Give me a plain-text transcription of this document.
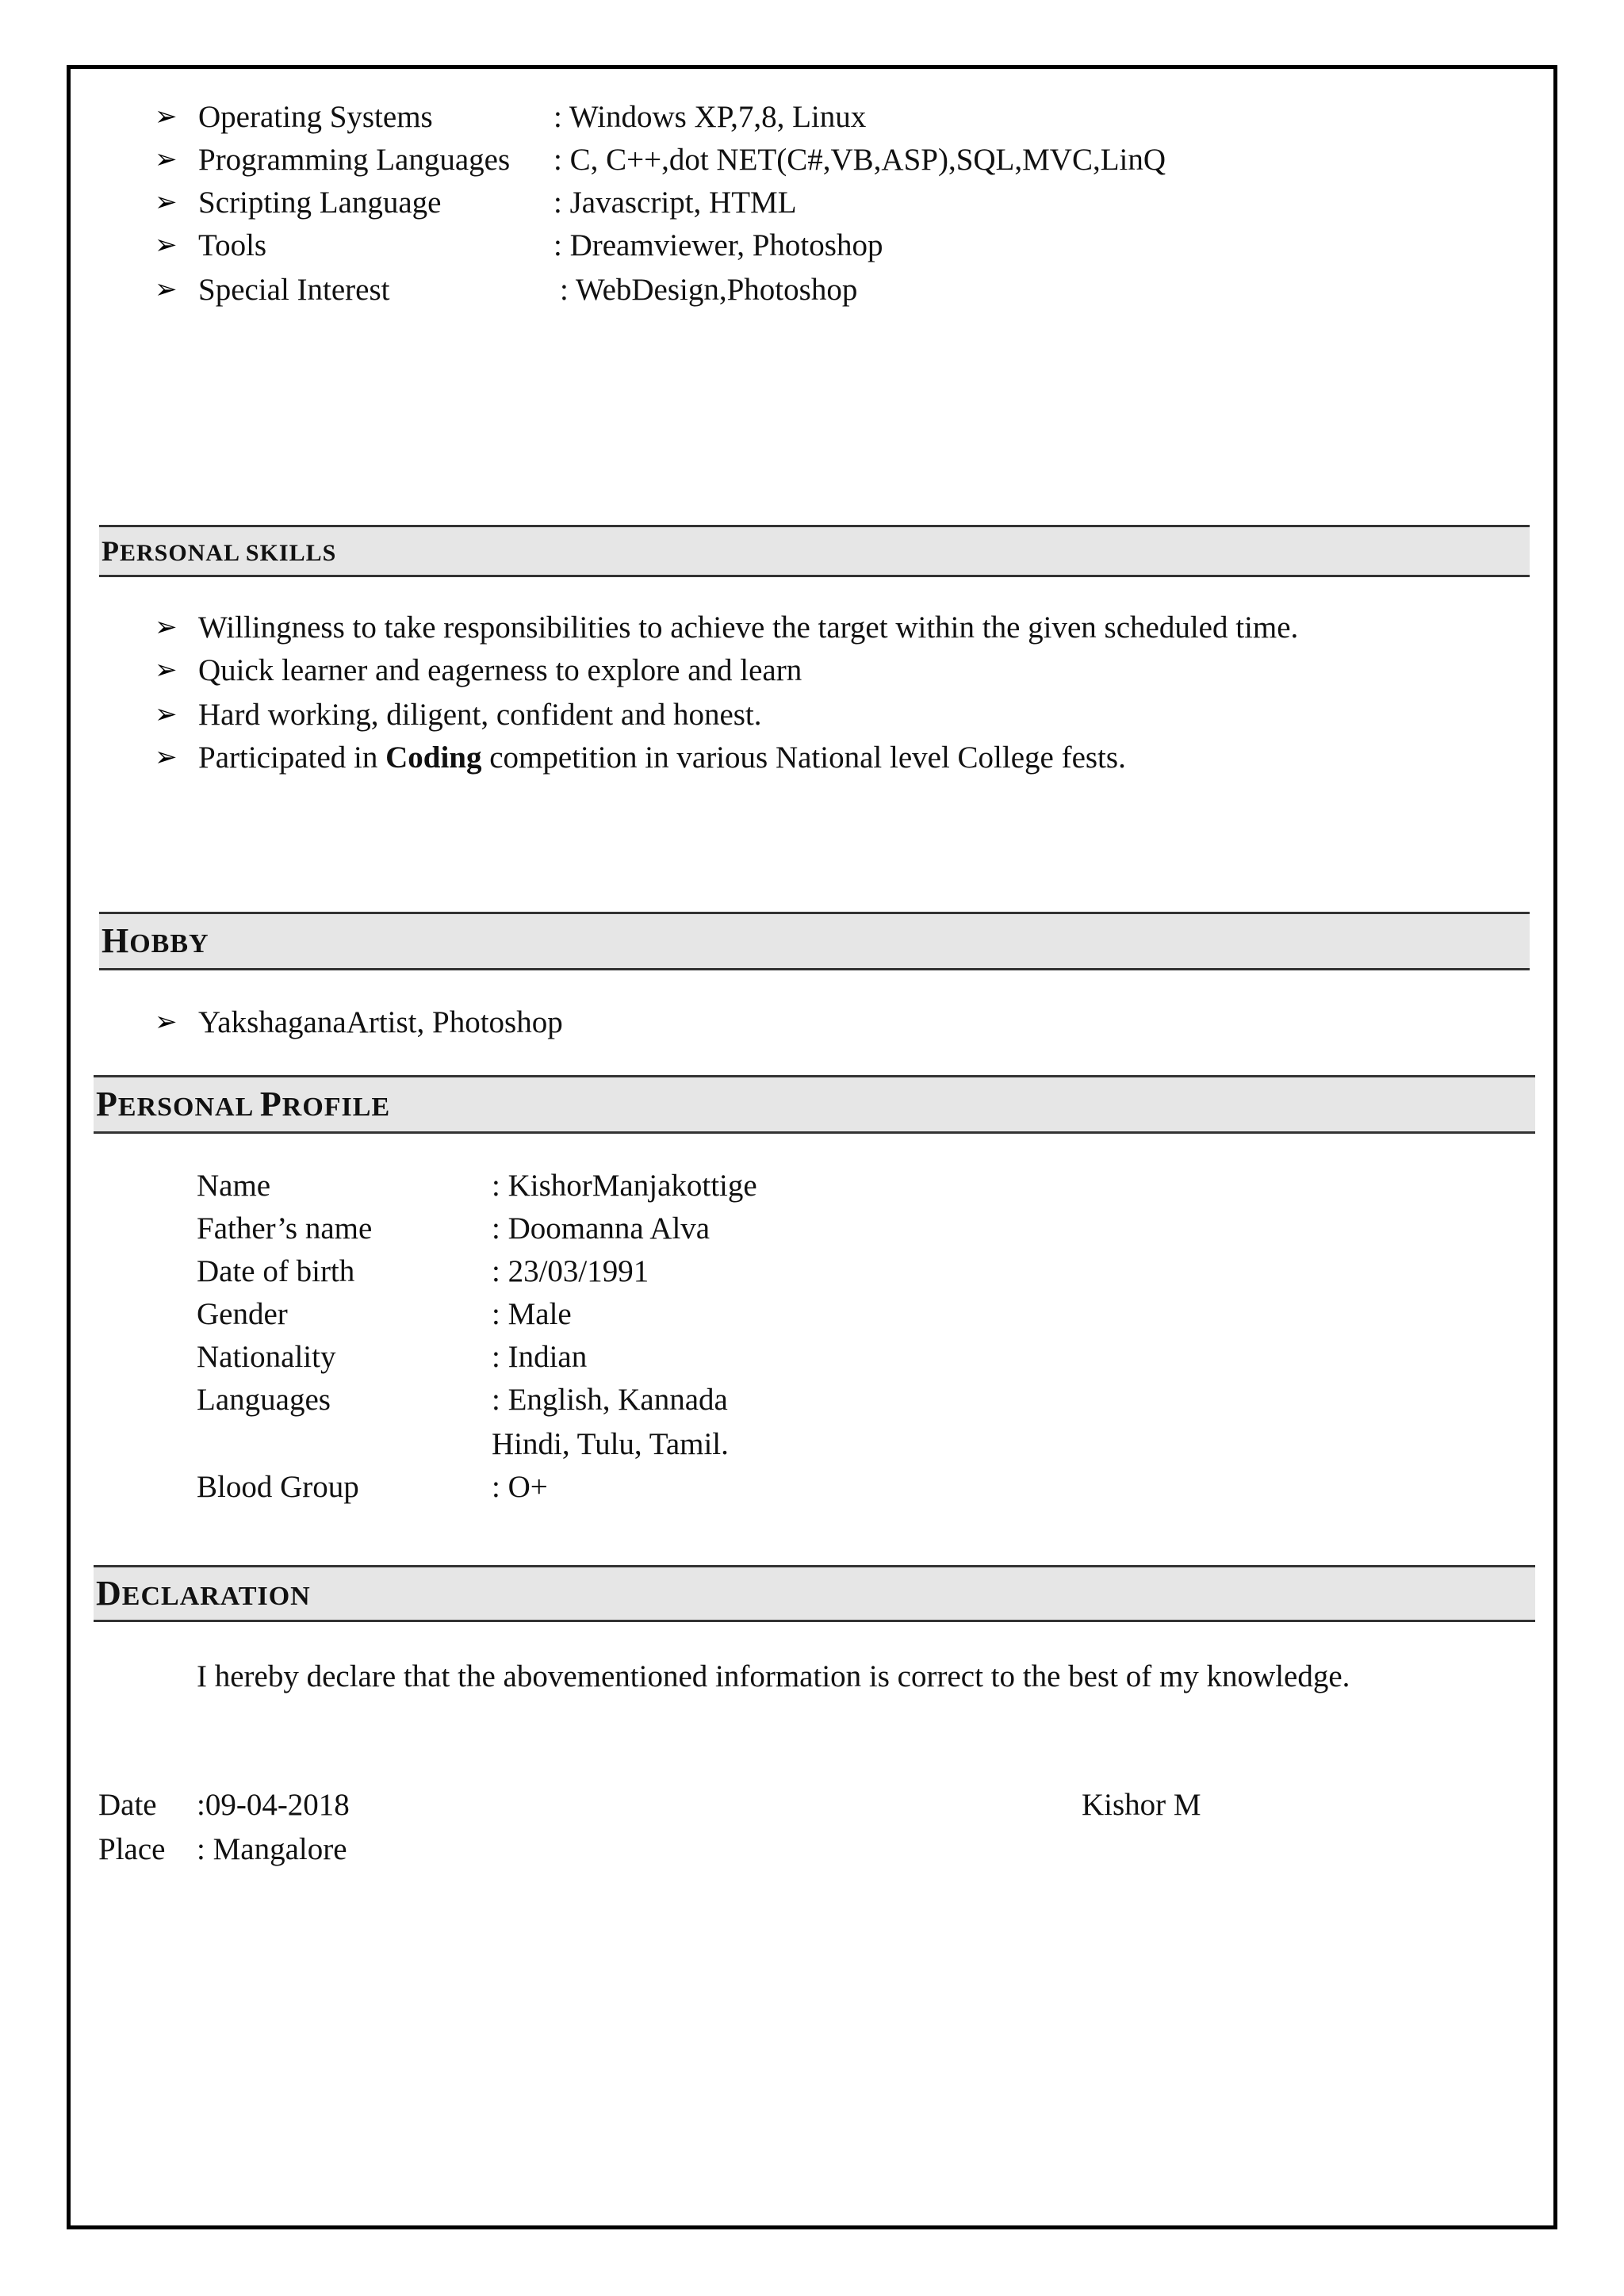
➢ Operating Systems	: Windows XP,7,8, Linux
➢ Programming Languages : C, C++,dot NET(C#,VB,ASP),SQL,MVC,LinQ
➢ Scripting Language	: Javascript, HTML
➢ Tools	: Dreamviewer, Photoshop
➢ Special Interest	: WebDesign,Photoshop
PERSONAL SKILLS
➢ Willingness to take responsibilities to achieve the target within the given scheduled time.
➢ Quick learner and eagerness to explore and learn
➢ Hard working, diligent, confident and honest.
➢ Participated in Coding competition in various National level College fests.
HOBBY
➢ YakshaganaArtist, Photoshop
PERSONAL PROFILE
Name	: KishorManjakottige
Father’s name	: Doomanna Alva
Date of birth	: 23/03/1991
Gender	: Male
Nationality	: Indian
Languages	: English, Kannada
Hindi, Tulu, Tamil.
Blood Group	: O+
DECLARATION
I hereby declare that the abovementioned information is correct to the best of my knowledge.
Date :09-04-2018
Place : Mangalore
Kishor M
